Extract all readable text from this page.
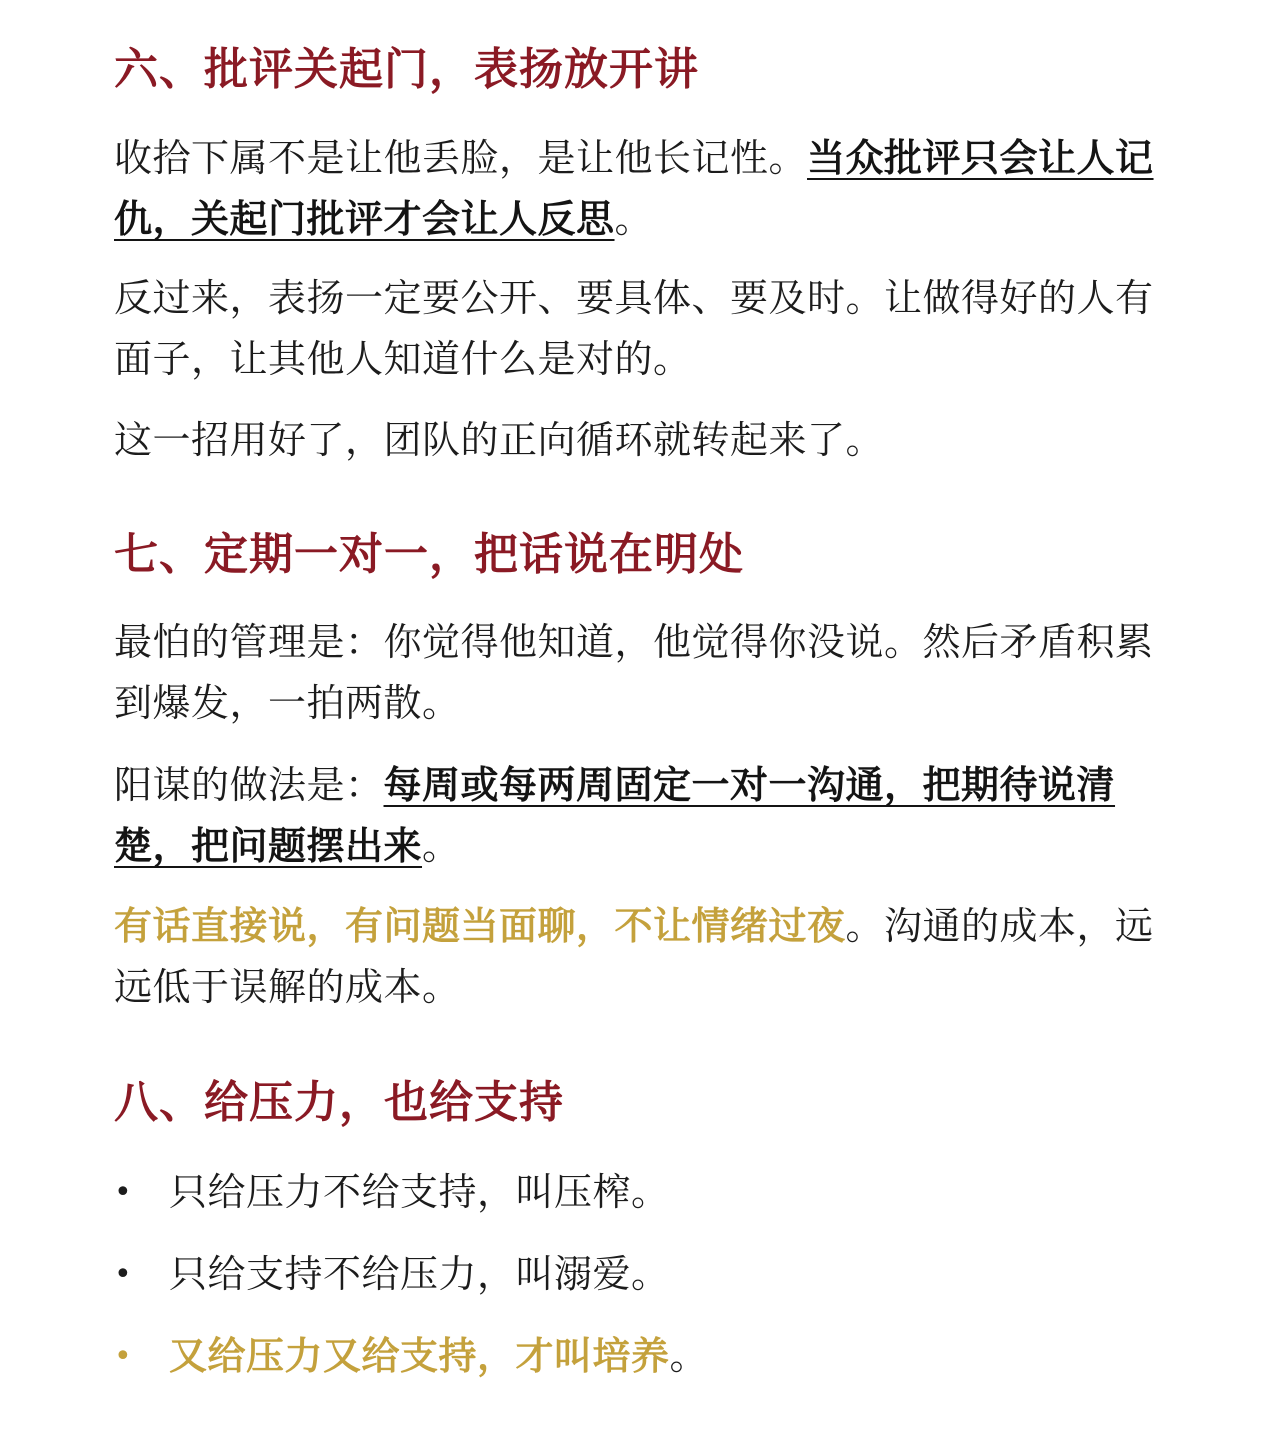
六、批评关起门，表扬放开讲

收拾下属不是让他丢脸，是让他长记性。当众批评只会让人记仇，关起门批评才会让人反思。

反过来，表扬一定要公开、要具体、要及时。让做得好的人有面子，让其他人知道什么是对的。

这一招用好了，团队的正向循环就转起来了。

七、定期一对一，把话说在明处

最怕的管理是：你觉得他知道，他觉得你没说。然后矛盾积累到爆发，一拍两散。

阳谋的做法是：每周或每两周固定一对一沟通，把期待说清楚，把问题摆出来。

有话直接说，有问题当面聊，不让情绪过夜。沟通的成本，远远低于误解的成本。

八、给压力，也给支持
• 只给压力不给支持，叫压榨。
• 只给支持不给压力，叫溺爱。
• 又给压力又给支持，才叫培养。
